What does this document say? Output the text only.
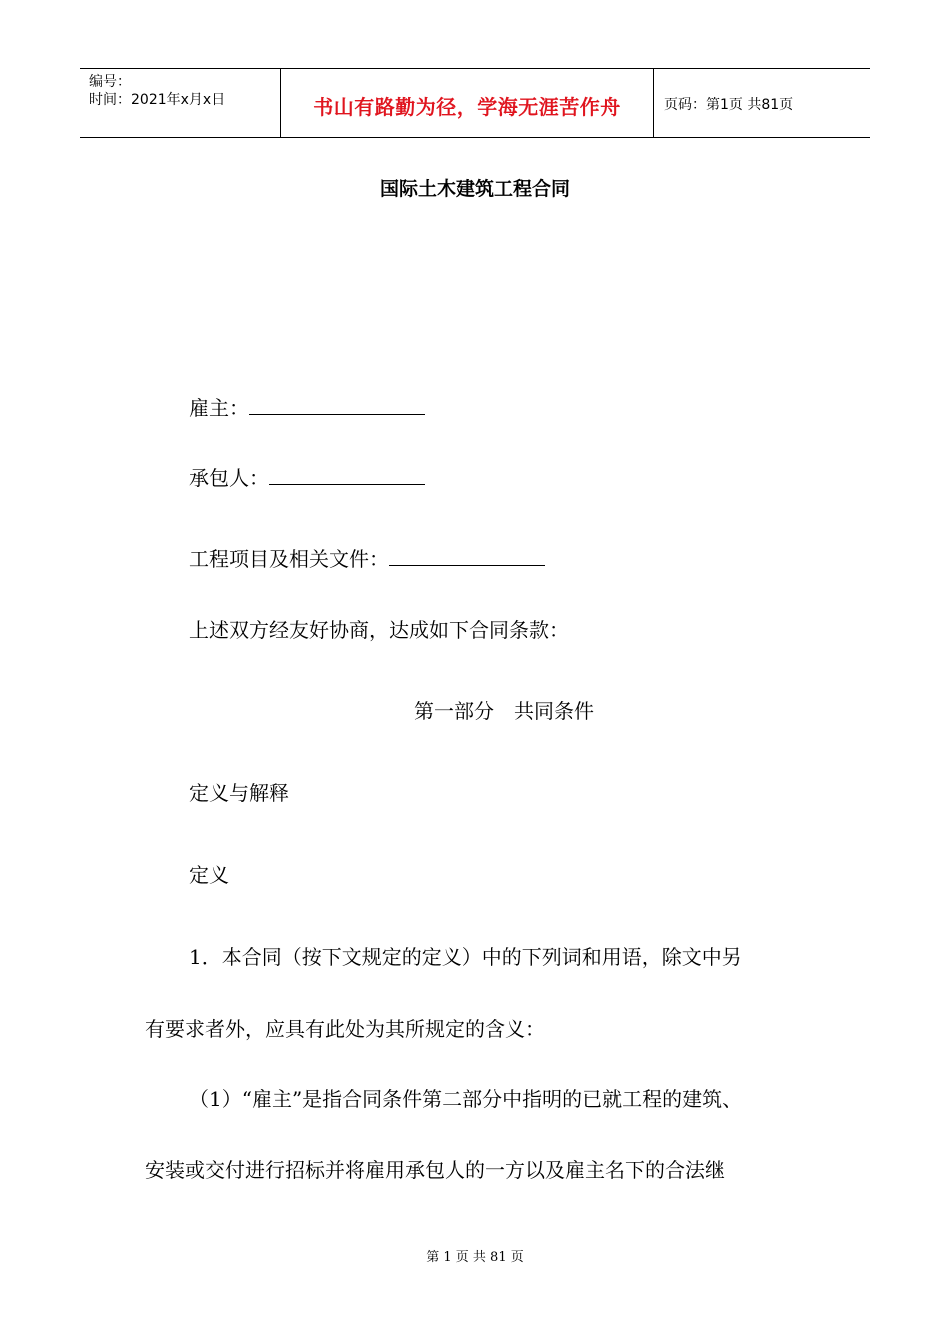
编号：
时间：2021年x月x日	书山有路勤为径，学海无涯苦作舟	页码：第1页 共81页
国际土木建筑工程合同
雇主：
承包人：
工程项目及相关文件：
上述双方经友好协商，达成如下合同条款：
第一部分　共同条件
定义与解释
定义
1．本合同（按下文规定的定义）中的下列词和用语，除文中另
有要求者外，应具有此处为其所规定的含义：
（1）“雇主”是指合同条件第二部分中指明的已就工程的建筑、
安装或交付进行招标并将雇用承包人的一方以及雇主名下的合法继
第 1 页 共 81 页
